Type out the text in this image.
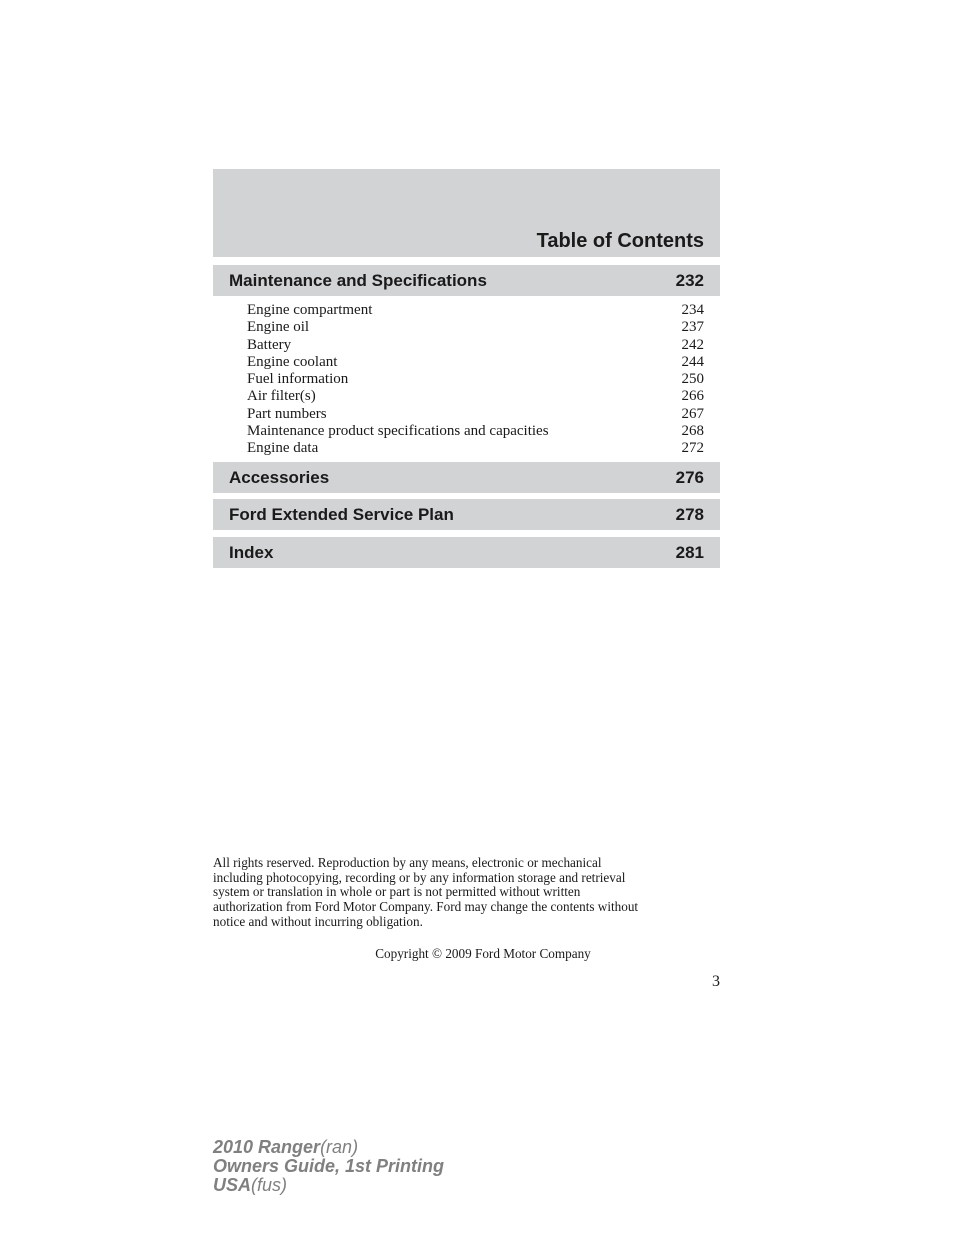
Table of Contents
Maintenance and Specifications	232
Engine compartment	234
Engine oil	237
Battery	242
Engine coolant	244
Fuel information	250
Air filter(s)	266
Part numbers	267
Maintenance product specifications and capacities	268
Engine data	272
Accessories	276
Ford Extended Service Plan	278
Index	281
All rights reserved. Reproduction by any means, electronic or mechanical
including photocopying, recording or by any information storage and retrieval
system or translation in whole or part is not permitted without written
authorization from Ford Motor Company. Ford may change the contents without
notice and without incurring obligation.
Copyright © 2009 Ford Motor Company
3
2010 Ranger(ran)
Owners Guide, 1st Printing
USA(fus)
